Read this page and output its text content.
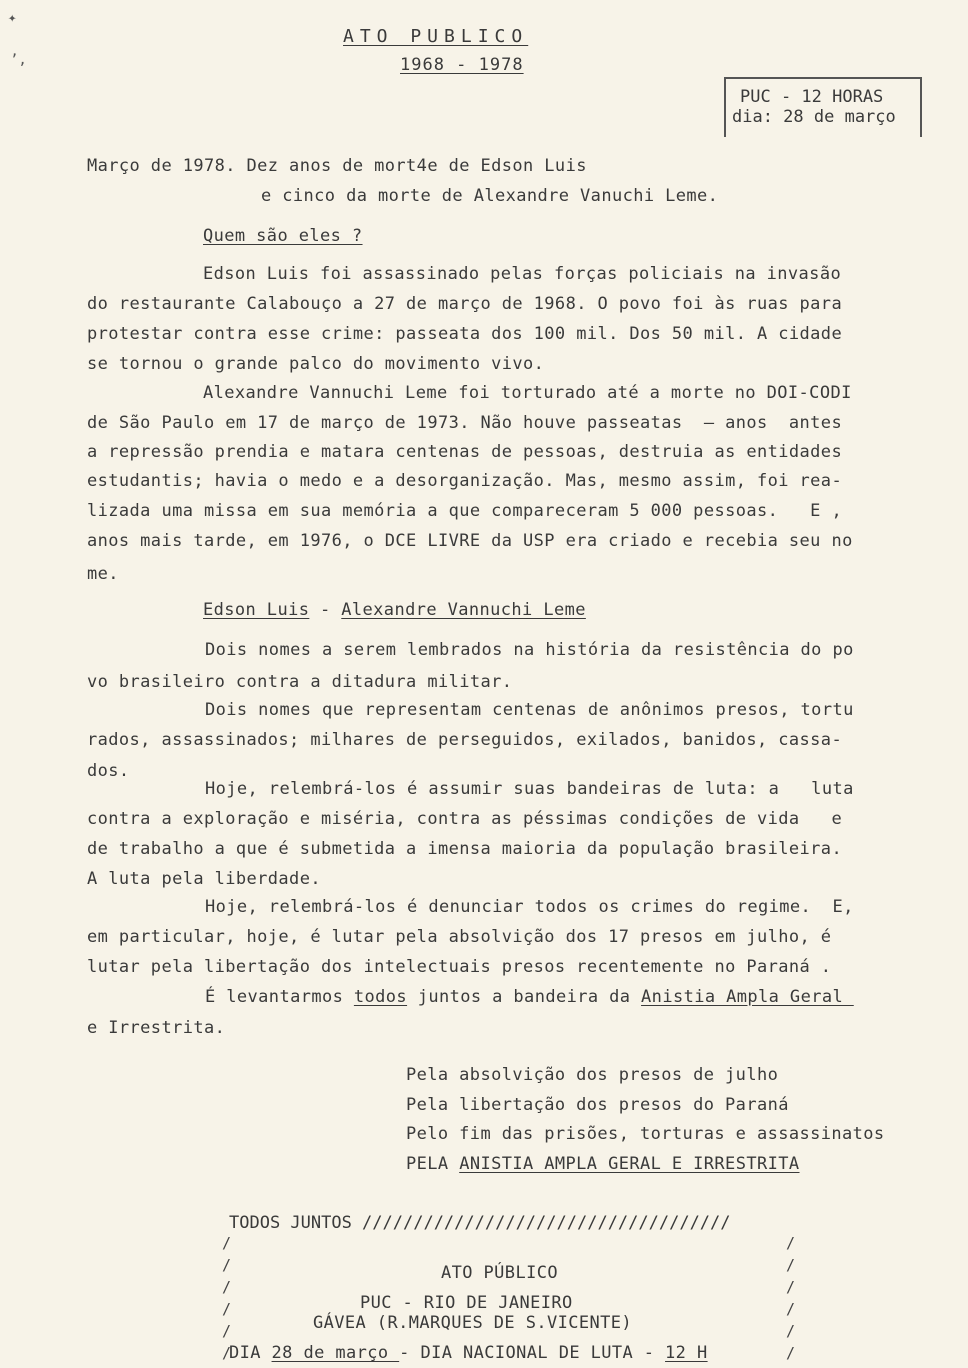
✦
ʼ,
ATO PUBLICO
1968 - 1978
PUC - 12 HORAS
dia: 28 de março
Março de 1978. Dez anos de mort4e de Edson Luis
e cinco da morte de Alexandre Vanuchi Leme.
Quem são eles ?
Edson Luis foi assassinado pelas forças policiais na invasão
do restaurante Calabouço a 27 de março de 1968. O povo foi às ruas para
protestar contra esse crime: passeata dos 100 mil. Dos 50 mil. A cidade
se tornou o grande palco do movimento vivo.
Alexandre Vannuchi Leme foi torturado até a morte no DOI-CODI
de São Paulo em 17 de março de 1973. Não houve passeatas  — anos  antes
a repressão prendia e matara centenas de pessoas, destruia as entidades
estudantis; havia o medo e a desorganização. Mas, mesmo assim, foi rea-
lizada uma missa em sua memória a que compareceram 5 000 pessoas.   E ,
anos mais tarde, em 1976, o DCE LIVRE da USP era criado e recebia seu no
me.
Edson Luis - Alexandre Vannuchi Leme
Dois nomes a serem lembrados na história da resistência do po
vo brasileiro contra a ditadura militar.
Dois nomes que representam centenas de anônimos presos, tortu
rados, assassinados; milhares de perseguidos, exilados, banidos, cassa-
dos.
Hoje, relembrá-los é assumir suas bandeiras de luta: a   luta
contra a exploração e miséria, contra as péssimas condições de vida   e
de trabalho a que é submetida a imensa maioria da população brasileira.
A luta pela liberdade.
Hoje, relembrá-los é denunciar todos os crimes do regime.  E,
em particular, hoje, é lutar pela absolvição dos 17 presos em julho, é
lutar pela libertação dos intelectuais presos recentemente no Paraná .
É levantarmos todos juntos a bandeira da Anistia Ampla Geral
e Irrestrita.
Pela absolvição dos presos de julho
Pela libertação dos presos do Paraná
Pelo fim das prisões, torturas e assassinatos
PELA ANISTIA AMPLA GERAL E IRRESTRITA
TODOS JUNTOS ////////////////////////////////////
/
/
/
/
/
/
/
/
/
/
/
/
ATO PÚBLICO
PUC - RIO DE JANEIRO
GÁVEA (R.MARQUES DE S.VICENTE)
DIA 28 de março - DIA NACIONAL DE LUTA - 12 H
